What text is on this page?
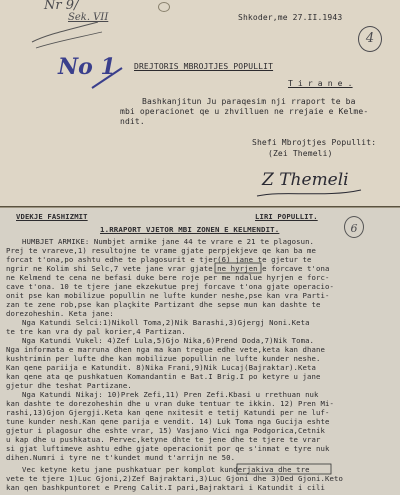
Nr 9/
Sek. VII
No 1
Shkoder,me 27.II.1943
4
DREJTORIS MBROJTJES POPULLIT
T i r a n e .
Bashkanjitun Ju paraqesim nji rraport te ba
mbi operacionet qe u zhvilluen ne rrejaie e Kelme-
ndit.
Shefi Mbrojtjes Popullit:
(Zei Themeli)
Z Themeli
VDEKJE FASHIZMIT	LIRI POPULLIT.
6
1.RRAPORT VJETOR MBI ZONEN E KELMENDIT.
HUMBJET ARMIKE: Numbjet armike jane 44 te vrare e 21 te plagosun.
Prej te vrareve,1) resultojne te vrame gjate perpjekjeve qe kan ba me
forcat t'ona,po ashtu edhe te plagosurit e tjer(6) jane te gjetur te
ngrir ne Kolim shi Selc,7 vete jane vrar gjate ne hyrjen e forcave t'ona
ne Kelmend te cena ne befasi duke bere roje per me ndalue hyrjen e forc-
cave t'ona. 10 te tjere jane ekzekutue prej forcave t'ona gjate operacio-
onit pse kan mobilizue popullin ne lufte kunder neshe,pse kan vra Parti-
zan te zene rob,pse kan plaçkite Partizant dhe sepse mun kan dashte te
dorezoheshin. Keta jane:
Nga Katundi Selci:1)Nikoll Toma,2)Nik Barashi,3)Gjergj Noni.Keta
te tre kan vra dy pal korier,4 Partizan.
Nga Katundi Vukel: 4)Zef Lula,5)Gjo Nika,6)Prend Doda,7)Nik Toma.
Nga informata e marruna dhen nga ma kan tregue edhe vete,keta kan dhane
kushtrimin per lufte dhe kan mobilizue popullin ne lufte kunder neshe.
Kan qene pariija e Katundit. 8)Nika Frani,9)Nik Lucaj(Bajraktar).Keta
kan qene ata qe pushkatuen Komandantin e Bat.I Brig.I po ketyre u jane
gjetur dhe teshat Partizane.
Nga Katundi Nikaj: 10)Prek Zefi,11) Pren Zefi.Kbasi u rrethuan nuk
kan dashte te dorezoheshin dhe u vran duke tentuar te ikkin. 12) Pren Mi-
rashi,13)Gjon Gjergji.Keta kan qene nxitesit e tetij Katundi per ne luf-
tune kunder nesh.Kan qene parija e vendit. 14) Luk Toma nga Gucija eshte
gjetur i plagosur dhe eshte vrar, 15) Vasjano Vici nga Podgorica,Cetnik
u kap dhe u pushkatua. Pervec,ketyne dhte te jene dhe te tjere te vrar
si gjat luftimeve ashtu edhe gjate operacionit por qe s'inmat e tyre nuk
dihen.Numri i tyre ne t'kundet mund t'arrijn ne 50.
Vec ketyne ketu jane pushkatuar per komplot kunderjakiva dhe tre
vete te tjere 1)Luc Gjoni,2)Zef Bajraktari,3)Luc Gjoni dhe 3)Ded Gjoni.Keto
kan qen bashkpuntoret e Preng Calit.I pari,Bajraktari i Katundit i cili
